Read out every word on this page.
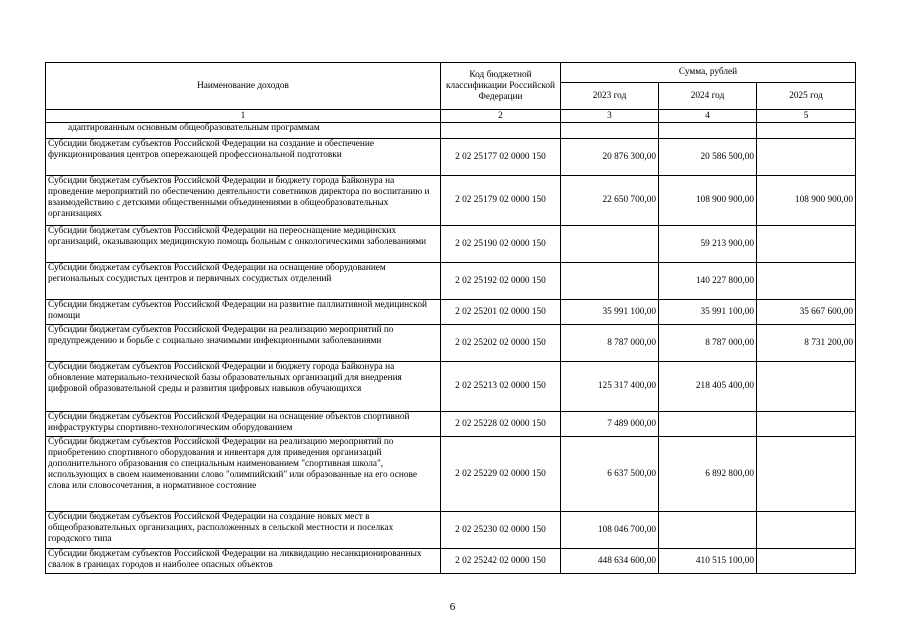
Наименование доходов	Код бюджетной классификации Российской Федерации	Сумма, рублей		
		2023 год	2024 год	2025 год
1	2	3	4	5
адаптированным основным общеобразовательным программам				
Субсидии бюджетам субъектов Российской Федерации на создание и обеспечение функционирования центров опережающей профессиональной подготовки	2 02 25177 02 0000 150	20 876 300,00	20 586 500,00	
Субсидии бюджетам субъектов Российской Федерации и бюджету города Байконура на проведение мероприятий по обеспечению деятельности советников директора по воспитанию и взаимодействию с детскими общественными объединениями в общеобразовательных организациях	2 02 25179 02 0000 150	22 650 700,00	108 900 900,00	108 900 900,00
Субсидии бюджетам субъектов Российской Федерации на переоснащение медицинских организаций, оказывающих медицинскую помощь больным с онкологическими заболеваниями	2 02 25190 02 0000 150		59 213 900,00	
Субсидии бюджетам субъектов Российской Федерации на оснащение оборудованием региональных сосудистых центров и первичных сосудистых отделений	2 02 25192 02 0000 150		140 227 800,00	
Субсидии бюджетам субъектов Российской Федерации на развитие паллиативной медицинской помощи	2 02 25201 02 0000 150	35 991 100,00	35 991 100,00	35 667 600,00
Субсидии бюджетам субъектов Российской Федерации на реализацию мероприятий по предупреждению и борьбе с социально значимыми инфекционными заболеваниями	2 02 25202 02 0000 150	8 787 000,00	8 787 000,00	8 731 200,00
Субсидии бюджетам субъектов Российской Федерации и бюджету города Байконура на обновление материально-технической базы образовательных организаций для внедрения цифровой образовательной среды и развития цифровых навыков обучающихся	2 02 25213 02 0000 150	125 317 400,00	218 405 400,00	
Субсидии бюджетам субъектов Российской Федерации на оснащение объектов спортивной инфраструктуры спортивно-технологическим оборудованием	2 02 25228 02 0000 150	7 489 000,00		
Субсидии бюджетам субъектов Российской Федерации на реализацию мероприятий по приобретению спортивного оборудования и инвентаря для приведения организаций дополнительного образования со специальным наименованием "спортивная школа", использующих в своем наименовании слово "олимпийский" или образованные на его основе слова или словосочетания, в нормативное состояние	2 02 25229 02 0000 150	6 637 500,00	6 892 800,00	
Субсидии бюджетам субъектов Российской Федерации на создание новых мест в общеобразовательных организациях, расположенных в сельской местности и поселках городского типа	2 02 25230 02 0000 150	108 046 700,00		
Субсидии бюджетам субъектов Российской Федерации на ликвидацию несанкционированных свалок в границах городов и наиболее опасных объектов	2 02 25242 02 0000 150	448 634 600,00	410 515 100,00	
6
